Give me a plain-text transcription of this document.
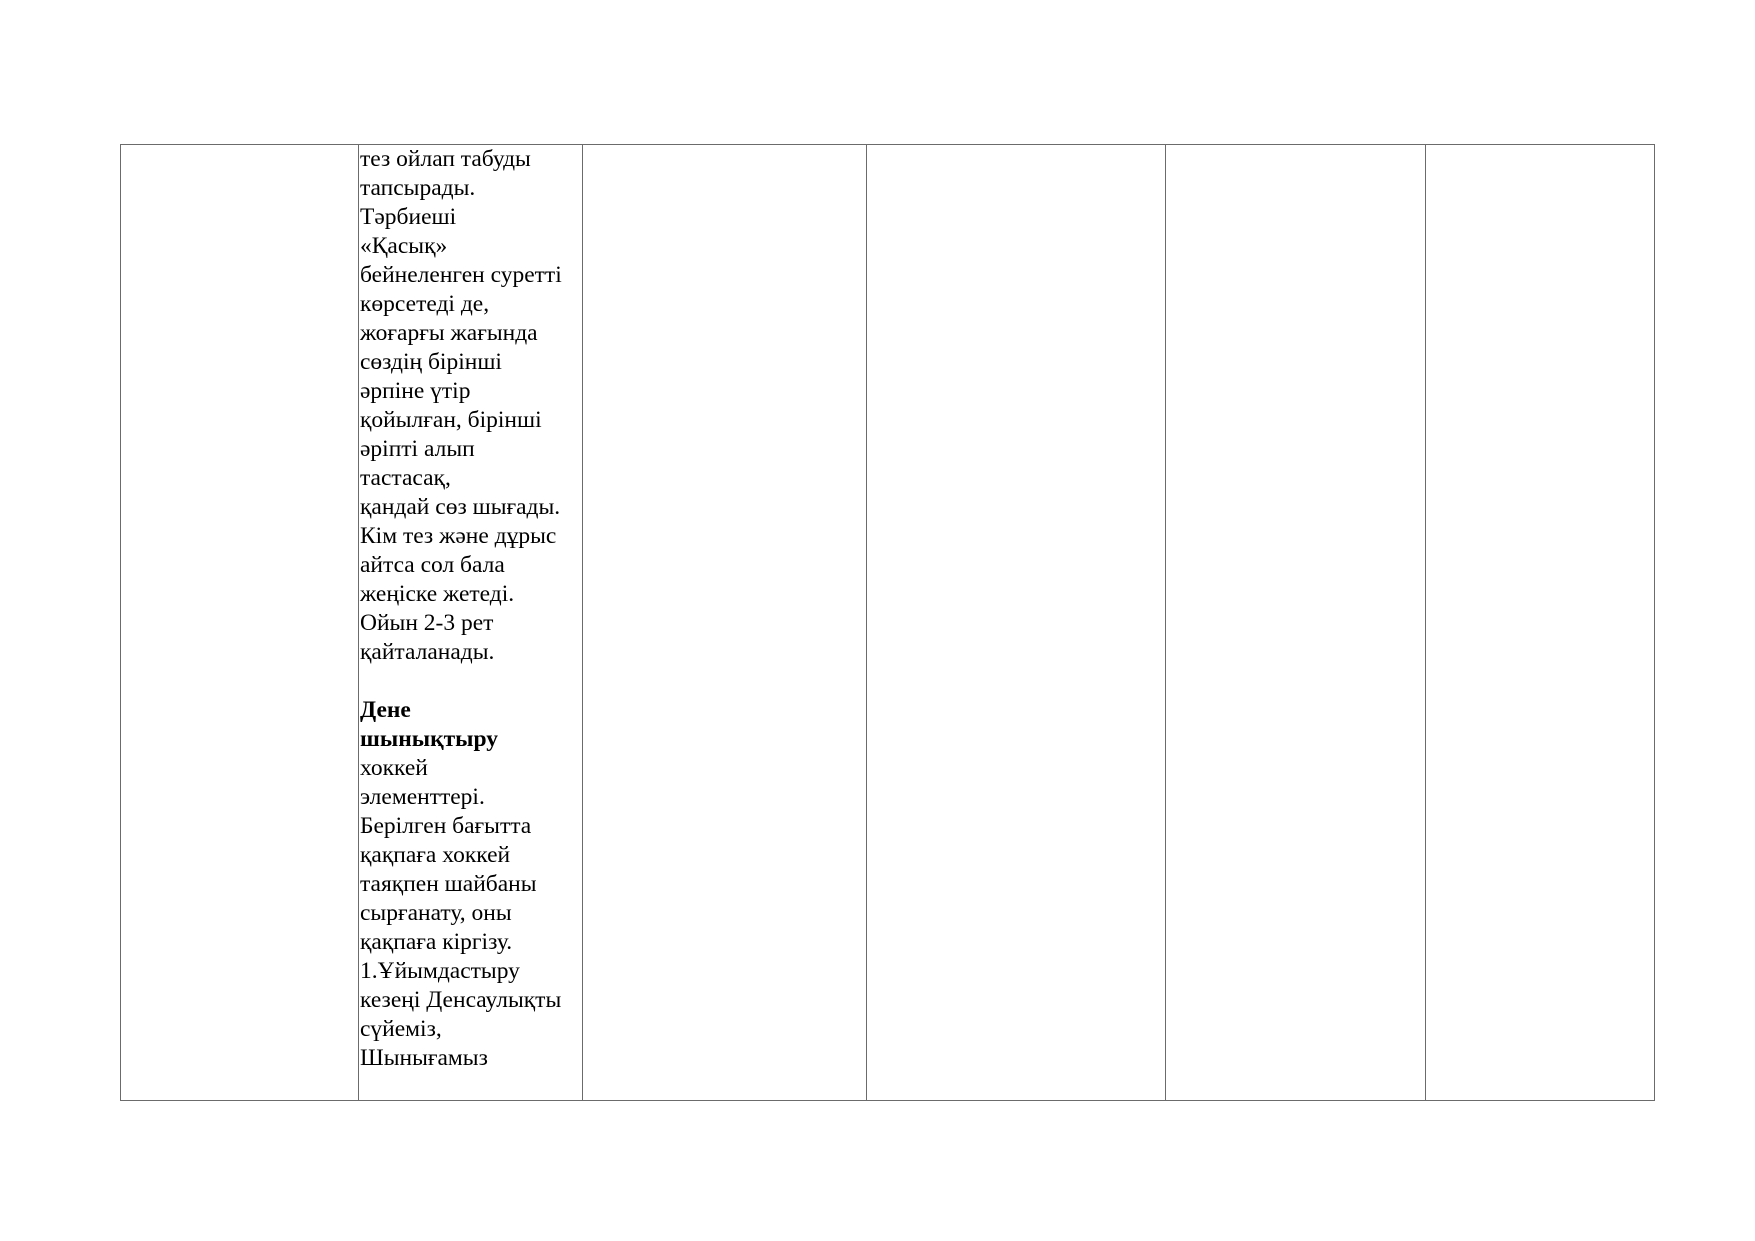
тез ойлап табуды

тапсырады.

Тәрбиеші

«Қасық»

бейнеленген суретті

көрсетеді де,

жоғарғы жағында

сөздің бірінші

әрпіне үтір

қойылған, бірінші

әріпті алып

тастасақ,

қандай сөз шығады.

Кім тез және дұрыс

айтса сол бала

жеңіске жетеді.

Ойын 2-3 рет

қайталанады.

Дене

шынықтыру

хоккей

элементтері.

Берілген бағытта

қақпаға хоккей

таяқпен шайбаны

сырғанату, оны

қақпаға кіргізу.

1.Ұйымдастыру

кезеңі Денсаулықты

сүйеміз,

Шынығамыз
